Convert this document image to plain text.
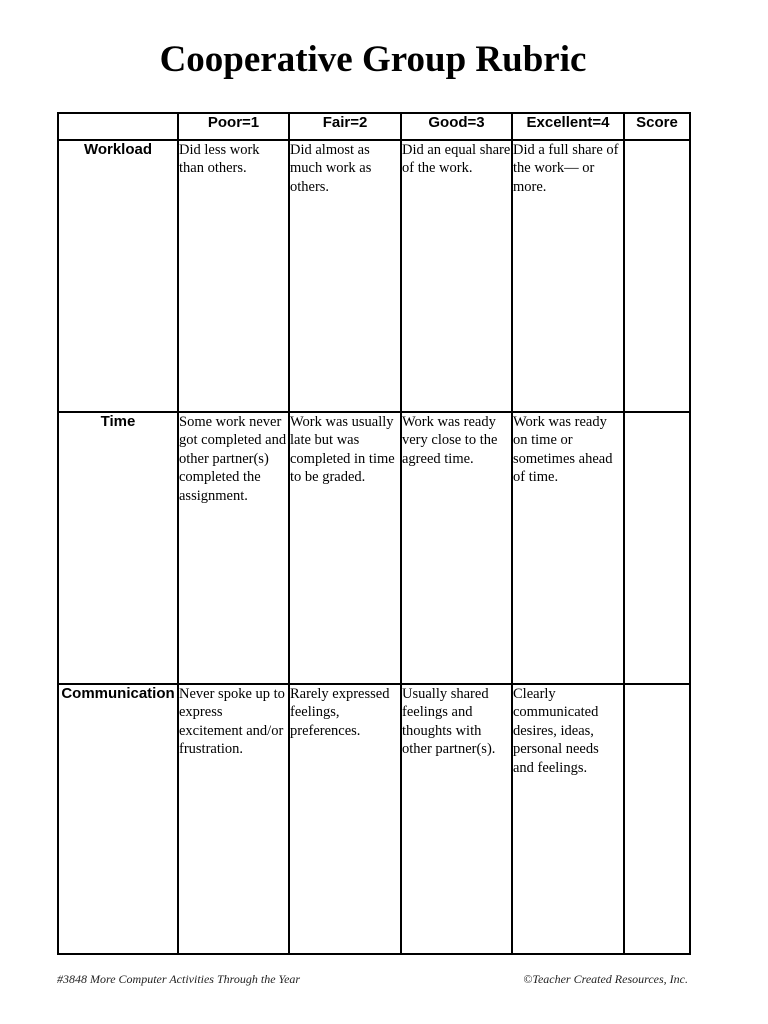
Cooperative Group Rubric
	Poor=1	Fair=2	Good=3	Excellent=4	Score
Workload	Did less work than others.	Did almost as much work as others.	Did an equal share of the work.	Did a full share of the work— or more.	
Time	Some work never got completed and other partner(s) completed the assignment.	Work was usually late but was completed in time to be graded.	Work was ready very close to the agreed time.	Work was ready on time or sometimes ahead of time.	
Communication	Never spoke up to express excitement and/or frustration.	Rarely expressed feelings, preferences.	Usually shared feelings and thoughts with other partner(s).	Clearly communicated desires, ideas, personal needs and feelings.	
#3848 More Computer Activities Through the Year	©Teacher Created Resources, Inc.
